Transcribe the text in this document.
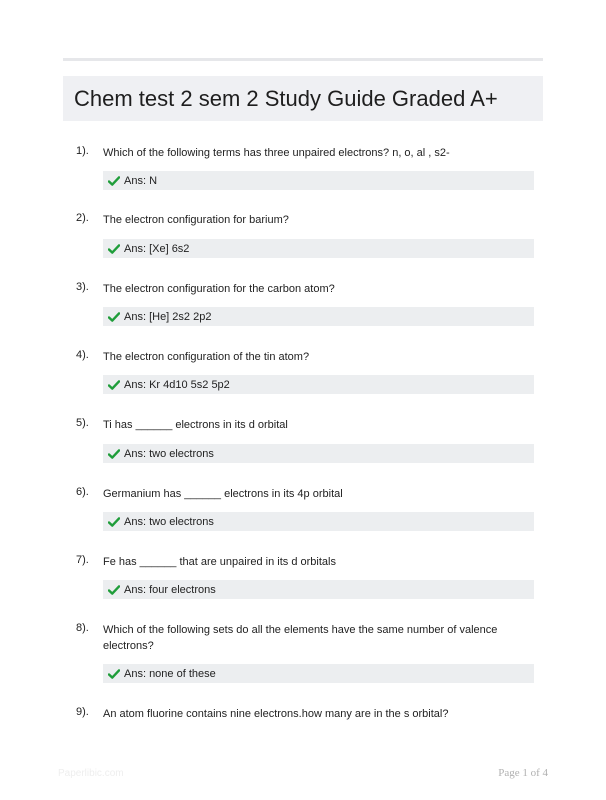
Chem test 2 sem 2 Study Guide Graded A+
1). Which of the following terms has three unpaired electrons? n, o, al , s2-
Ans: N
2). The electron configuration for barium?
Ans: [Xe] 6s2
3). The electron configuration for the carbon atom?
Ans: [He] 2s2 2p2
4). The electron configuration of the tin atom?
Ans: Kr 4d10 5s2 5p2
5). Ti has ______ electrons in its d orbital
Ans: two electrons
6). Germanium has ______ electrons in its 4p orbital
Ans: two electrons
7). Fe has ______ that are unpaired in its d orbitals
Ans: four electrons
8). Which of the following sets do all the elements have the same number of valence electrons?
Ans: none of these
9). An atom fluorine contains nine electrons.how many are in the s orbital?
Paperlibic.com	Page 1 of 4
